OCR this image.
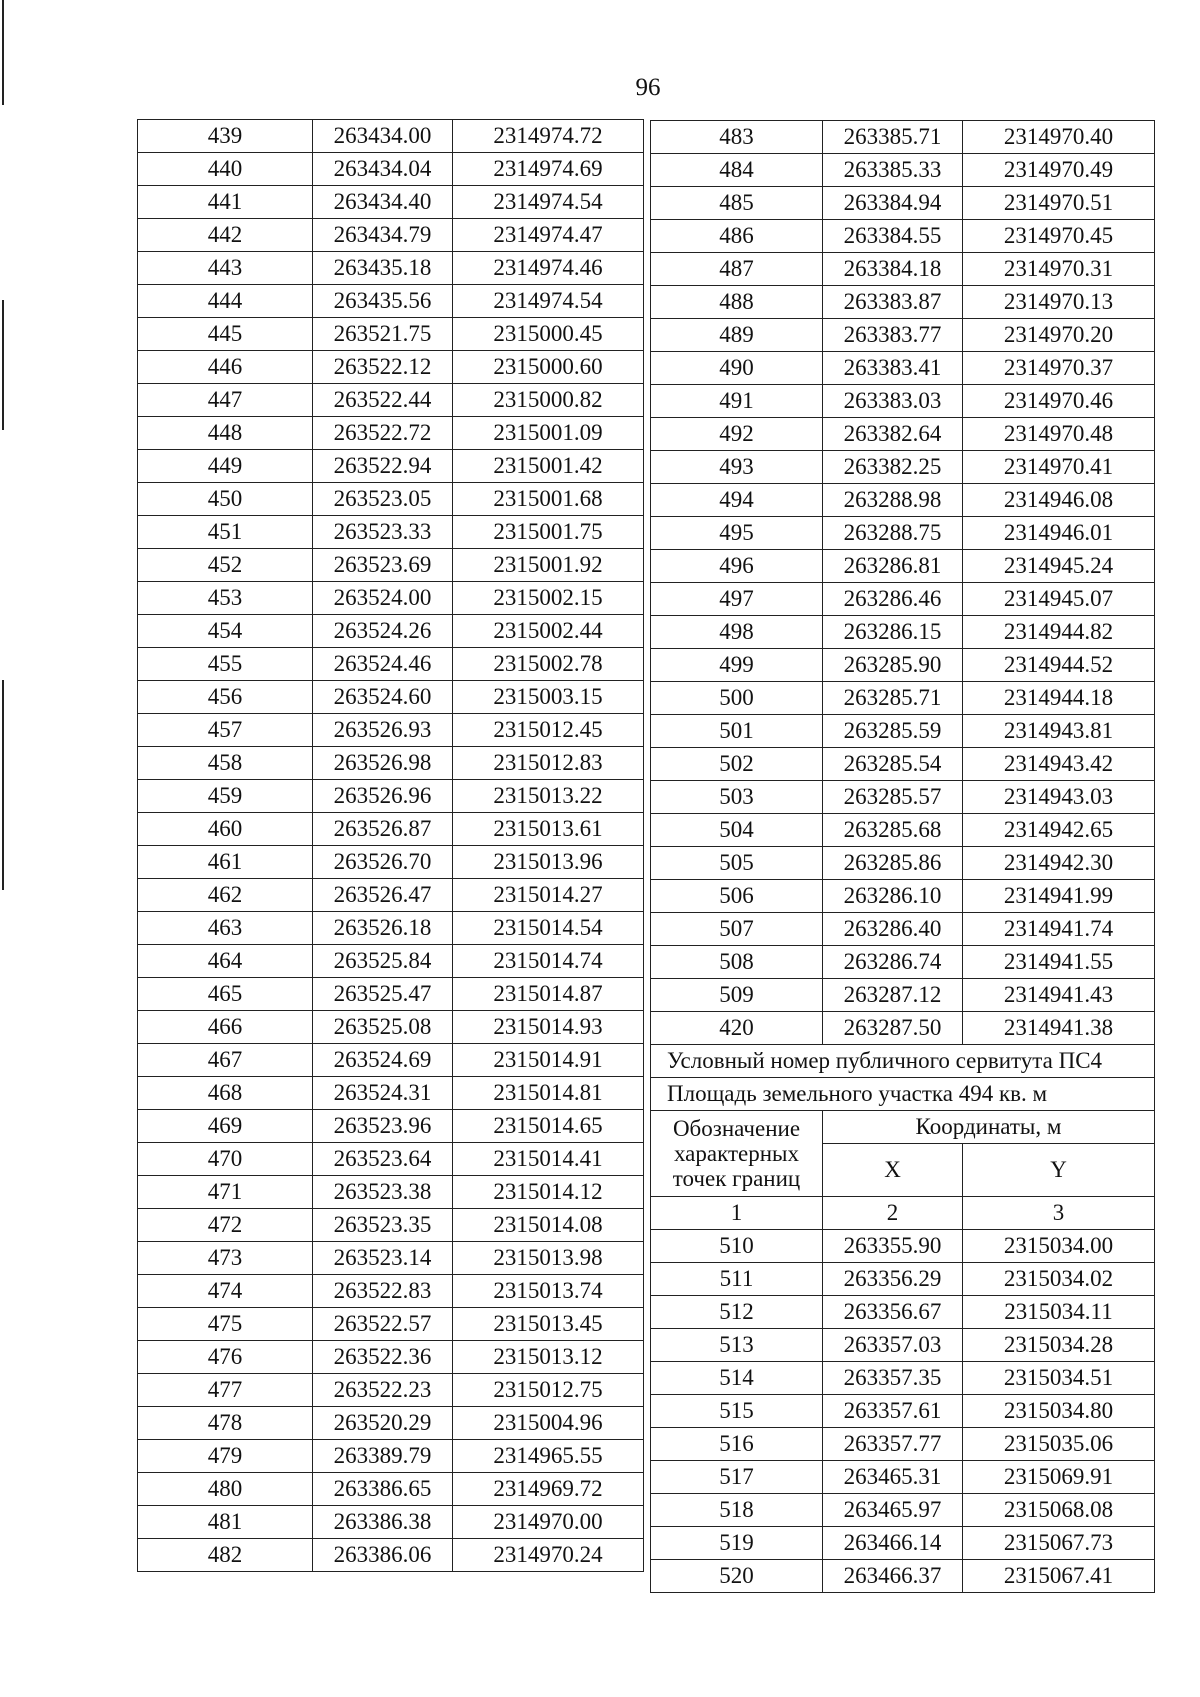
96
439	263434.00	2314974.72
440	263434.04	2314974.69
441	263434.40	2314974.54
442	263434.79	2314974.47
443	263435.18	2314974.46
444	263435.56	2314974.54
445	263521.75	2315000.45
446	263522.12	2315000.60
447	263522.44	2315000.82
448	263522.72	2315001.09
449	263522.94	2315001.42
450	263523.05	2315001.68
451	263523.33	2315001.75
452	263523.69	2315001.92
453	263524.00	2315002.15
454	263524.26	2315002.44
455	263524.46	2315002.78
456	263524.60	2315003.15
457	263526.93	2315012.45
458	263526.98	2315012.83
459	263526.96	2315013.22
460	263526.87	2315013.61
461	263526.70	2315013.96
462	263526.47	2315014.27
463	263526.18	2315014.54
464	263525.84	2315014.74
465	263525.47	2315014.87
466	263525.08	2315014.93
467	263524.69	2315014.91
468	263524.31	2315014.81
469	263523.96	2315014.65
470	263523.64	2315014.41
471	263523.38	2315014.12
472	263523.35	2315014.08
473	263523.14	2315013.98
474	263522.83	2315013.74
475	263522.57	2315013.45
476	263522.36	2315013.12
477	263522.23	2315012.75
478	263520.29	2315004.96
479	263389.79	2314965.55
480	263386.65	2314969.72
481	263386.38	2314970.00
482	263386.06	2314970.24
483	263385.71	2314970.40
484	263385.33	2314970.49
485	263384.94	2314970.51
486	263384.55	2314970.45
487	263384.18	2314970.31
488	263383.87	2314970.13
489	263383.77	2314970.20
490	263383.41	2314970.37
491	263383.03	2314970.46
492	263382.64	2314970.48
493	263382.25	2314970.41
494	263288.98	2314946.08
495	263288.75	2314946.01
496	263286.81	2314945.24
497	263286.46	2314945.07
498	263286.15	2314944.82
499	263285.90	2314944.52
500	263285.71	2314944.18
501	263285.59	2314943.81
502	263285.54	2314943.42
503	263285.57	2314943.03
504	263285.68	2314942.65
505	263285.86	2314942.30
506	263286.10	2314941.99
507	263286.40	2314941.74
508	263286.74	2314941.55
509	263287.12	2314941.43
420	263287.50	2314941.38
Условный номер публичного сервитута ПС4		
Площадь земельного участка 494 кв. м		

Обозначение
характерных
точек границ	Координаты, м	
	X	Y
1	2	3
510	263355.90	2315034.00
511	263356.29	2315034.02
512	263356.67	2315034.11
513	263357.03	2315034.28
514	263357.35	2315034.51
515	263357.61	2315034.80
516	263357.77	2315035.06
517	263465.31	2315069.91
518	263465.97	2315068.08
519	263466.14	2315067.73
520	263466.37	2315067.41
